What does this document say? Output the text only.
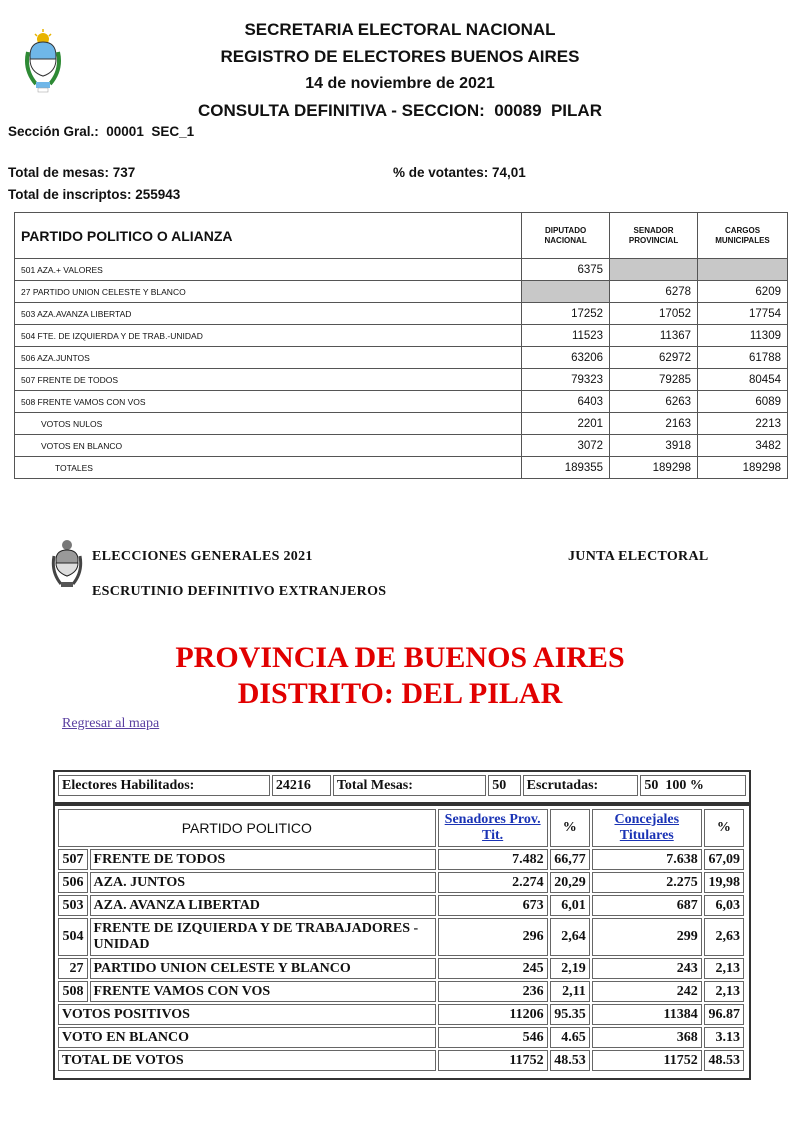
SECRETARIA ELECTORAL NACIONAL
REGISTRO DE ELECTORES BUENOS AIRES
14 de noviembre de 2021
CONSULTA DEFINITIVA - SECCION:  00089  PILAR
Sección Gral.:  00001  SEC_1
Total de mesas: 737	% de votantes: 74,01
Total de inscriptos: 255943
PARTIDO POLITICO O ALIANZA	DIPUTADO NACIONAL	SENADOR PROVINCIAL	CARGOS MUNICIPALES
501 AZA.+ VALORES	6375		
27 PARTIDO UNION CELESTE Y BLANCO		6278	6209
503 AZA.AVANZA LIBERTAD	17252	17052	17754
504 FTE. DE IZQUIERDA Y DE TRAB.-UNIDAD	11523	11367	11309
506 AZA.JUNTOS	63206	62972	61788
507 FRENTE DE TODOS	79323	79285	80454
508 FRENTE VAMOS CON VOS	6403	6263	6089
VOTOS NULOS	2201	2163	2213
VOTOS EN BLANCO	3072	3918	3482
TOTALES	189355	189298	189298
ELECCIONES GENERALES 2021	JUNTA ELECTORAL
ESCRUTINIO DEFINITIVO EXTRANJEROS
PROVINCIA DE BUENOS AIRES
DISTRITO: DEL PILAR
Regresar al mapa
Electores Habilitados:	24216	Total Mesas:	50	Escrutadas:	50  100 %
PARTIDO POLITICO		Senadores Prov. Tit.	%	Concejales Titulares	%
507	FRENTE DE TODOS	7.482	66,77	7.638	67,09
506	AZA. JUNTOS	2.274	20,29	2.275	19,98
503	AZA. AVANZA LIBERTAD	673	6,01	687	6,03
504	FRENTE DE IZQUIERDA Y DE TRABAJADORES - UNIDAD	296	2,64	299	2,63
27	PARTIDO UNION CELESTE Y BLANCO	245	2,19	243	2,13
508	FRENTE VAMOS CON VOS	236	2,11	242	2,13
VOTOS POSITIVOS		11206	95.35	11384	96.87
VOTO EN BLANCO		546	4.65	368	3.13
TOTAL DE VOTOS		11752	48.53	11752	48.53
